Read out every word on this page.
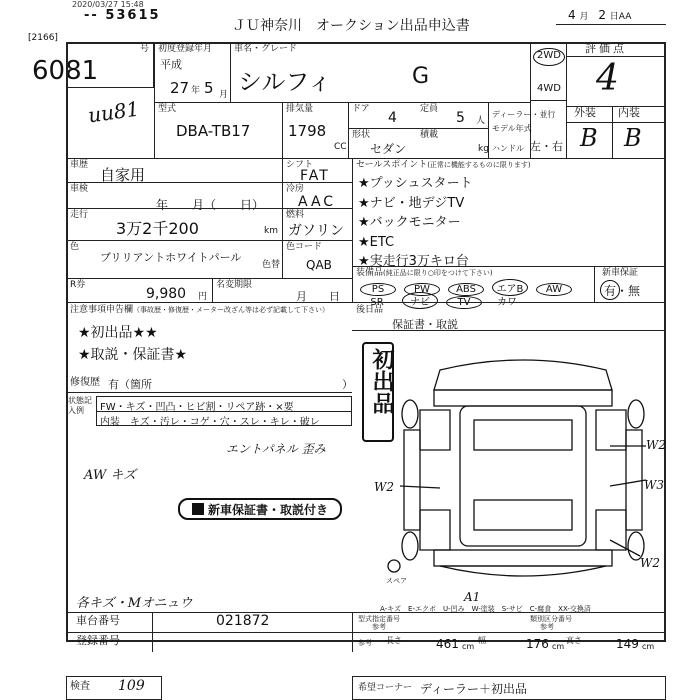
2020/03/27 15:48
-- 53615
ＪＵ神奈川　オークション出品申込書
4 月 2 日AA
[2166]
号
6081
uu81
初度登録年月
平成
27 年 5 月
車名・グレード
シルフィ	G
2WD
4WD
評価点
4
外装 内装
B B
型式
DBA-TB17
排気量
1798
CC
ドア
4
定員
5 人
形状
セダン
積載
kg
ディーラー・並行
モデル年式
ハンドル 左・右
車歴
自家用
シフト
FAT
車検
年　　月（　　日）
冷房
AAC
走行
3万2千200	km
燃料
ガソリン
色
ブリリアントホワイトパール
色替
色コード
QAB
R券
9,980 円
名変期限
月　　日
セールスポイント(正常に機能するものに限ります)
★プッシュスタート
★ナビ・地デジTV
★バックモニター
★ETC
★実走行3万キロ台
装備品(純正品に限り○印をつけて下さい)	新車保証
有・無
PS	PW	ABS エアB AW
SR	ナビ	TV	カワ
注意事項申告欄（事故歴・修復歴・メーター改ざん等は必ず記載して下さい）
★初出品★★
★取説・保証書★
修復歴 有（箇所	）
後日品
保証書・取説
初出品
状態記入例	FW・キズ・凹凸・ヒビ割・リペア跡・×要
内装 キズ・汚レ・コゲ・穴・スレ・キレ・破レ
エントパネル 歪み
AW キズ
各キズ・Mオニュウ
新車保証書・取説付き
スペア
W2
W2	W3
W2
A1
A-キズ　E-エクボ　U-凹み　W-塗装　S-サビ　C-腐食　XX-交換済
車台番号	021872
登録番号
型式指定番号
参考
類別区分番号
参考
参考 長さ	461 cm
幅	176 cm
高さ	149 cm
検査 109	希望コーナー ディーラー＋初出品
